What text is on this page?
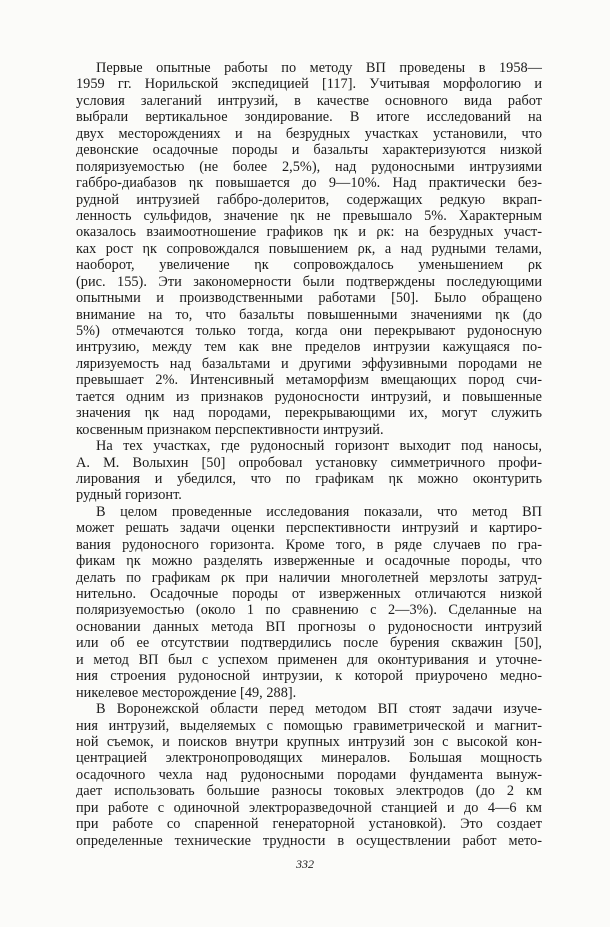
Первые опытные работы по методу ВП проведены в 1958—
1959 гг. Норильской экспедицией [117]. Учитывая морфологию и
условия залеганий интрузий, в качестве основного вида работ
выбрали вертикальное зондирование. В итоге исследований на
двух месторождениях и на безрудных участках установили, что
девонские осадочные породы и базальты характеризуются низкой
поляризуемостью (не более 2,5%), над рудоносными интрузиями
габбро-диабазов ηк повышается до 9—10%. Над практически без-
рудной интрузией габбро-долеритов, содержащих редкую вкрап-
ленность сульфидов, значение ηк не превышало 5%. Характерным
оказалось взаимоотношение графиков ηк и ρк: на безрудных участ-
ках рост ηк сопровождался повышением ρк, а над рудными телами,
наоборот, увеличение ηк сопровождалось уменьшением ρк
(рис. 155). Эти закономерности были подтверждены последующими
опытными и производственными работами [50]. Было обращено
внимание на то, что базальты повышенными значениями ηк (до
5%) отмечаются только тогда, когда они перекрывают рудоносную
интрузию, между тем как вне пределов интрузии кажущаяся по-
ляризуемость над базальтами и другими эффузивными породами не
превышает 2%. Интенсивный метаморфизм вмещающих пород счи-
тается одним из признаков рудоносности интрузий, и повышенные
значения ηк над породами, перекрывающими их, могут служить
косвенным признаком перспективности интрузий.
На тех участках, где рудоносный горизонт выходит под наносы,
А. М. Волыхин [50] опробовал установку симметричного профи-
лирования и убедился, что по графикам ηк можно оконтурить
рудный горизонт.
В целом проведенные исследования показали, что метод ВП
может решать задачи оценки перспективности интрузий и картиро-
вания рудоносного горизонта. Кроме того, в ряде случаев по гра-
фикам ηк можно разделять изверженные и осадочные породы, что
делать по графикам ρк при наличии многолетней мерзлоты затруд-
нительно. Осадочные породы от изверженных отличаются низкой
поляризуемостью (около 1 по сравнению с 2—3%). Сделанные на
основании данных метода ВП прогнозы о рудоносности интрузий
или об ее отсутствии подтвердились после бурения скважин [50],
и метод ВП был с успехом применен для оконтуривания и уточне-
ния строения рудоносной интрузии, к которой приурочено медно-
никелевое месторождение [49, 288].
В Воронежской области перед методом ВП стоят задачи изуче-
ния интрузий, выделяемых с помощью гравиметрической и магнит-
ной съемок, и поисков внутри крупных интрузий зон с высокой кон-
центрацией электронопроводящих минералов. Большая мощность
осадочного чехла над рудоносными породами фундамента вынуж-
дает использовать большие разносы токовых электродов (до 2 км
при работе с одиночной электроразведочной станцией и до 4—6 км
при работе со спаренной генераторной установкой). Это создает
определенные технические трудности в осуществлении работ мето-
332
